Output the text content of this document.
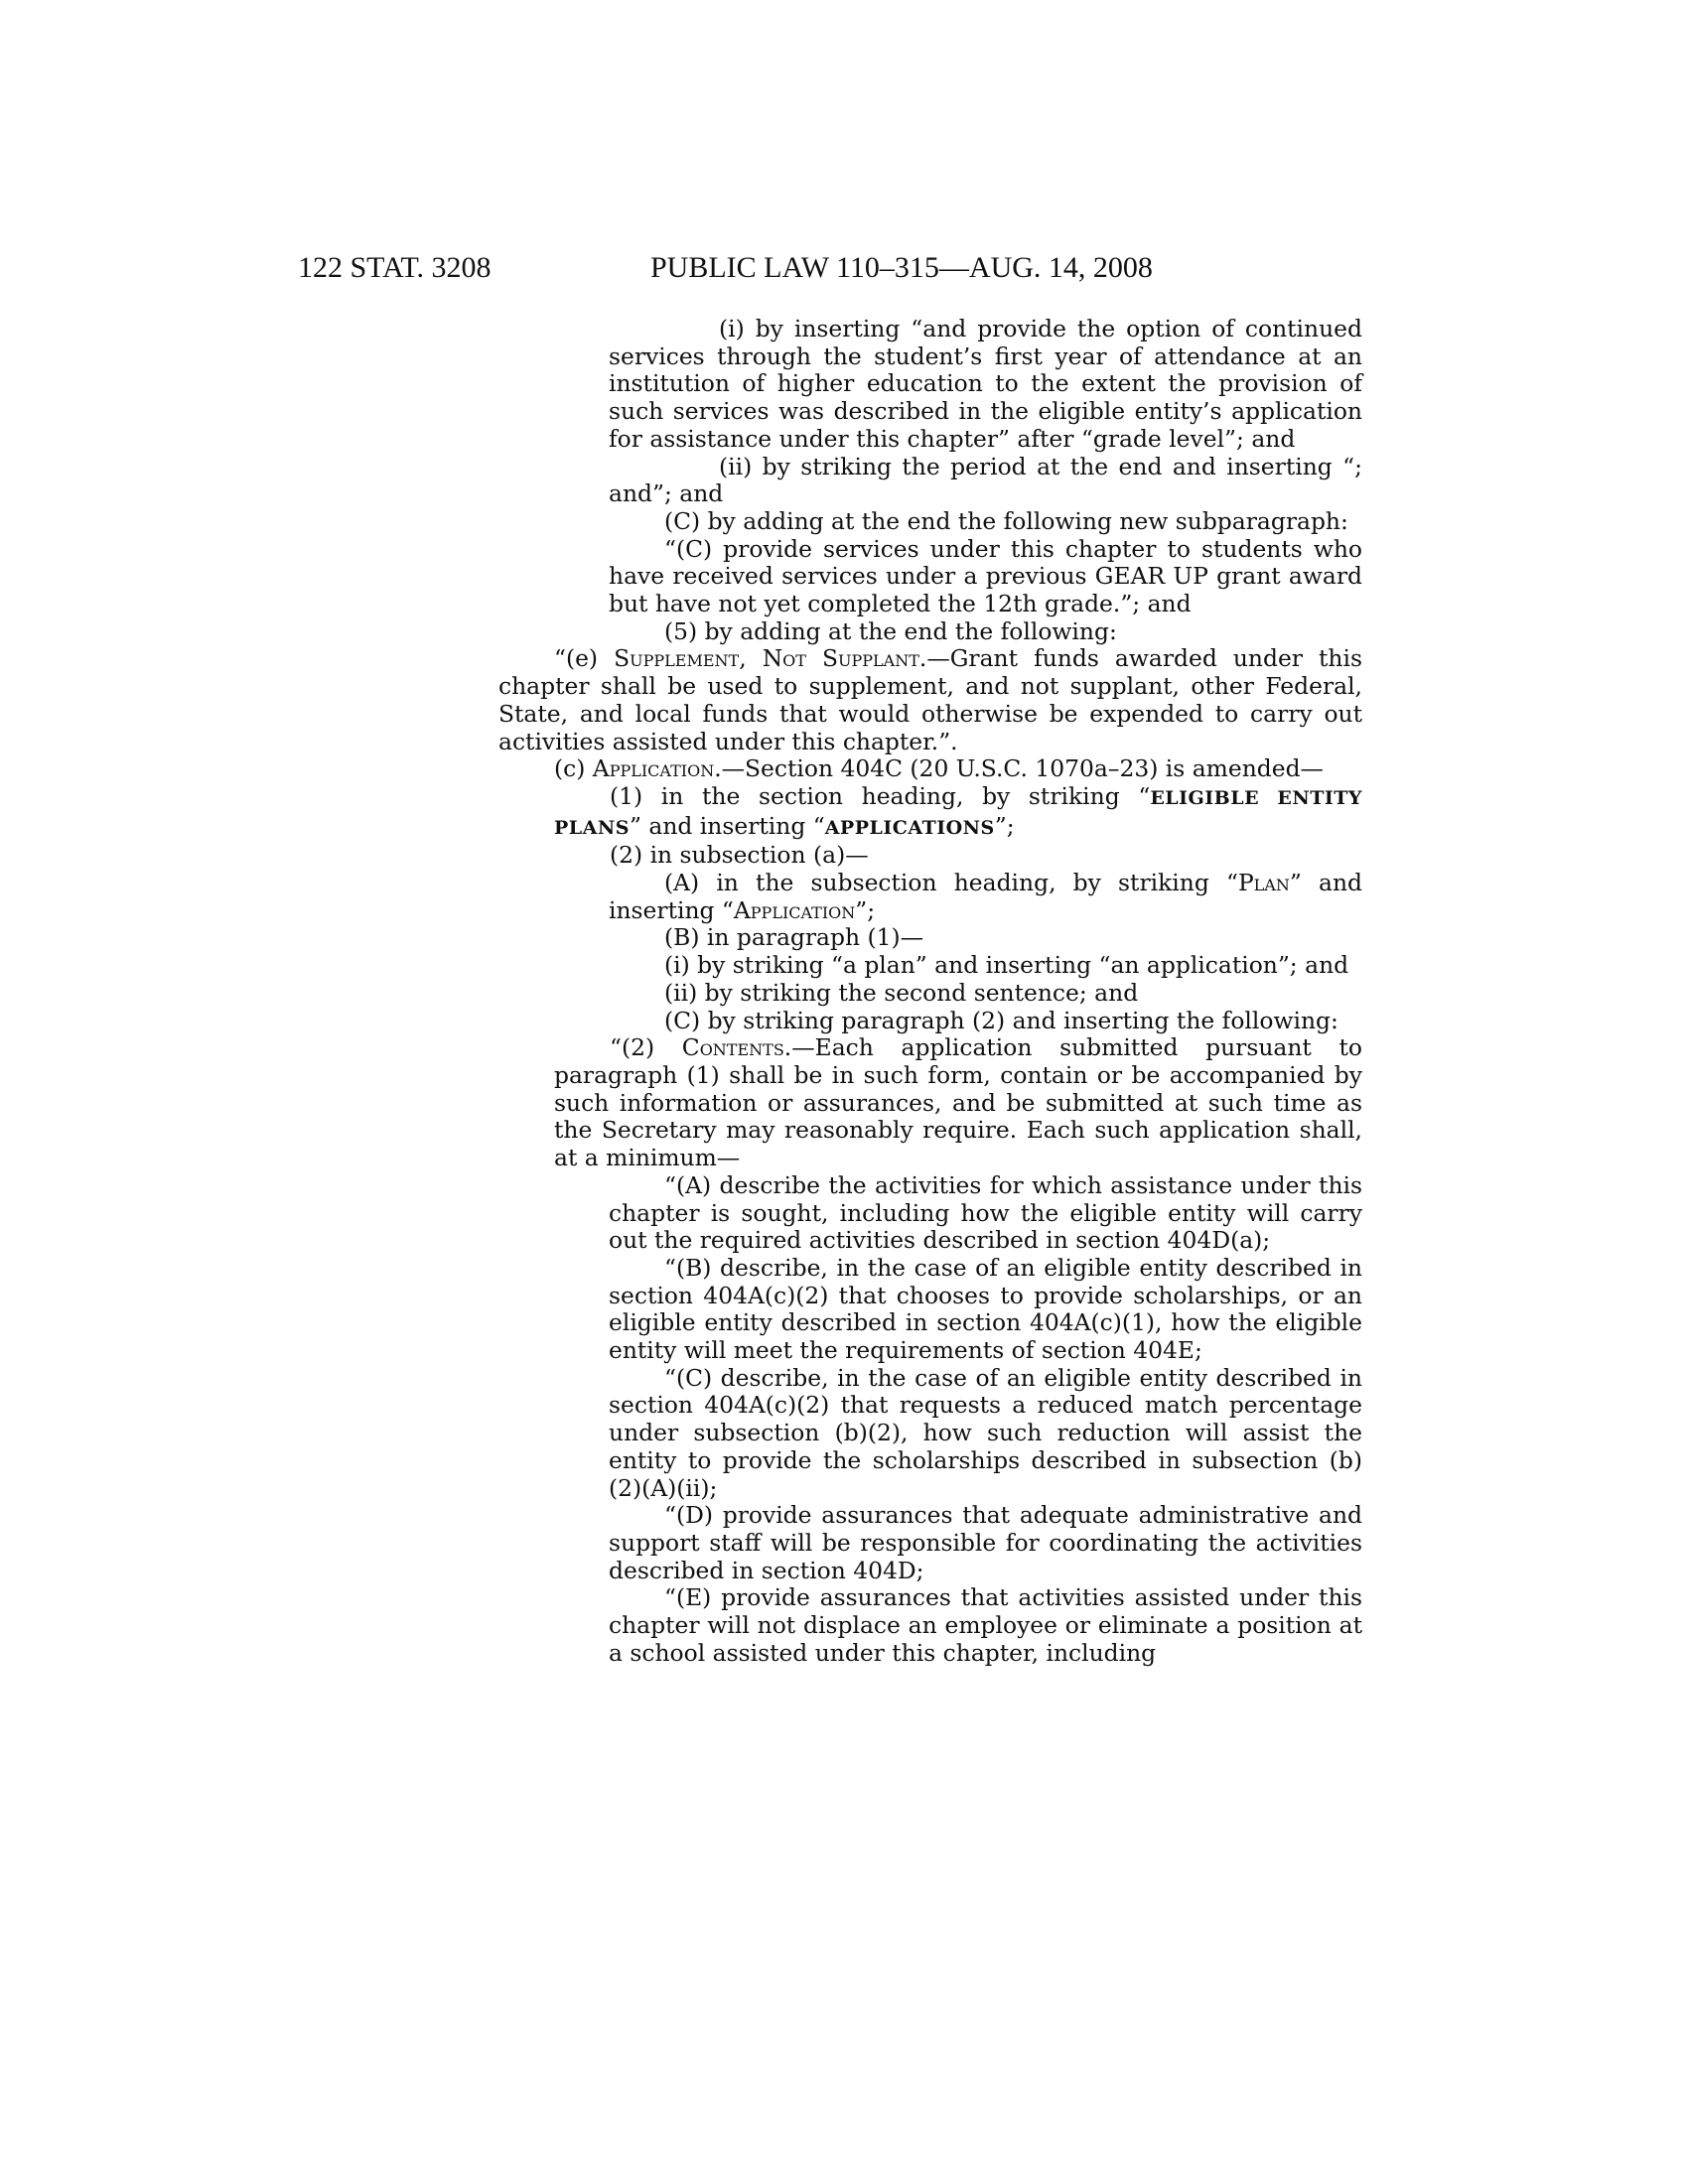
122 STAT. 3208	PUBLIC LAW 110–315—AUG. 14, 2008

(i) by inserting “and provide the option of continued services through the student’s first year of attendance at an institution of higher education to the extent the provision of such services was described in the eligible entity’s application for assistance under this chapter” after “grade level”; and

(ii) by striking the period at the end and inserting “; and”; and

(C) by adding at the end the following new subparagraph:

“(C) provide services under this chapter to students who have received services under a previous GEAR UP grant award but have not yet completed the 12th grade.”; and

(5) by adding at the end the following:

“(e) Supplement, Not Supplant.—Grant funds awarded under this chapter shall be used to supplement, and not supplant, other Federal, State, and local funds that would otherwise be expended to carry out activities assisted under this chapter.”.

(c) Application.—Section 404C (20 U.S.C. 1070a–23) is amended—

(1) in the section heading, by striking “ELIGIBLE ENTITY PLANS” and inserting “APPLICATIONS”;

(2) in subsection (a)—

(A) in the subsection heading, by striking “Plan” and inserting “Application”;

(B) in paragraph (1)—

(i) by striking “a plan” and inserting “an application”; and

(ii) by striking the second sentence; and

(C) by striking paragraph (2) and inserting the following:

“(2) Contents.—Each application submitted pursuant to paragraph (1) shall be in such form, contain or be accompanied by such information or assurances, and be submitted at such time as the Secretary may reasonably require. Each such application shall, at a minimum—

“(A) describe the activities for which assistance under this chapter is sought, including how the eligible entity will carry out the required activities described in section 404D(a);

“(B) describe, in the case of an eligible entity described in section 404A(c)(2) that chooses to provide scholarships, or an eligible entity described in section 404A(c)(1), how the eligible entity will meet the requirements of section 404E;

“(C) describe, in the case of an eligible entity described in section 404A(c)(2) that requests a reduced match percentage under subsection (b)(2), how such reduction will assist the entity to provide the scholarships described in subsection (b)(2)(A)(ii);

“(D) provide assurances that adequate administrative and support staff will be responsible for coordinating the activities described in section 404D;

“(E) provide assurances that activities assisted under this chapter will not displace an employee or eliminate a position at a school assisted under this chapter, including
